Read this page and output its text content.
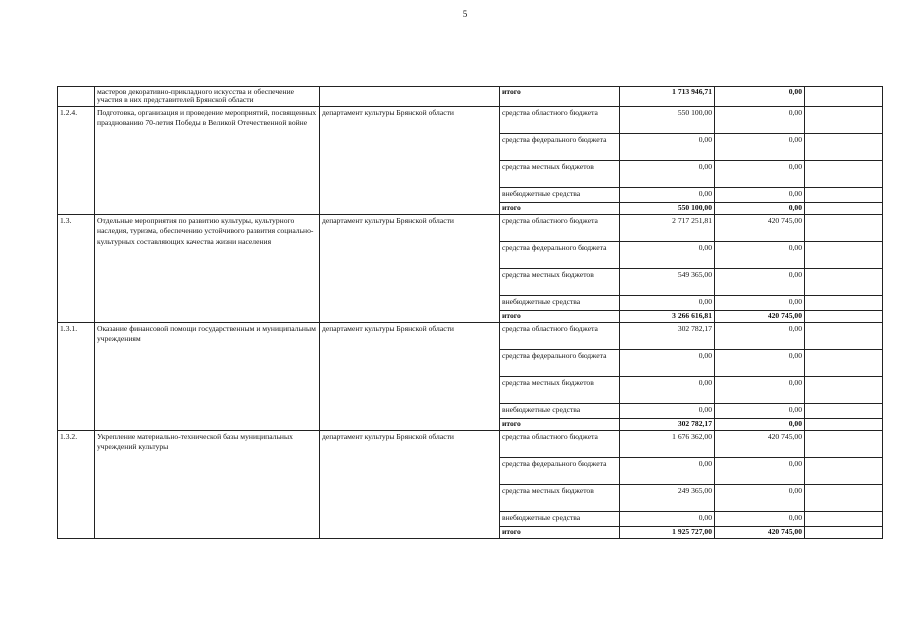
5
	мастеров декоративно-прикладного искусства и обеспечение участия в них представителей Брянской области		итого	1 713 946,71	0,00	
1.2.4.	Подготовка, организация и проведение мероприятий, посвященных празднованию 70-летия Победы в Великой Отечественной войне	департамент культуры Брянской области	средства областного бюджета	550 100,00	0,00	
			средства федерального бюджета	0,00	0,00	
			средства местных бюджетов	0,00	0,00	
			внебюджетные средства	0,00	0,00	
			итого	550 100,00	0,00	
1.3.	Отдельные мероприятия по развитию культуры, культурного наследия, туризма, обеспечению устойчивого развития социально-культурных составляющих качества жизни населения	департамент культуры Брянской области	средства областного бюджета	2 717 251,81	420 745,00	
			средства федерального бюджета	0,00	0,00	
			средства местных бюджетов	549 365,00	0,00	
			внебюджетные средства	0,00	0,00	
			итого	3 266 616,81	420 745,00	
1.3.1.	Оказание финансовой помощи государственным и муниципальным учреждениям	департамент культуры Брянской области	средства областного бюджета	302 782,17	0,00	
			средства федерального бюджета	0,00	0,00	
			средства местных бюджетов	0,00	0,00	
			внебюджетные средства	0,00	0,00	
			итого	302 782,17	0,00	
1.3.2.	Укрепление материально-технической базы муниципальных учреждений культуры	департамент культуры Брянской области	средства областного бюджета	1 676 362,00	420 745,00	
			средства федерального бюджета	0,00	0,00	
			средства местных бюджетов	249 365,00	0,00	
			внебюджетные средства	0,00	0,00	
			итого	1 925 727,00	420 745,00	
